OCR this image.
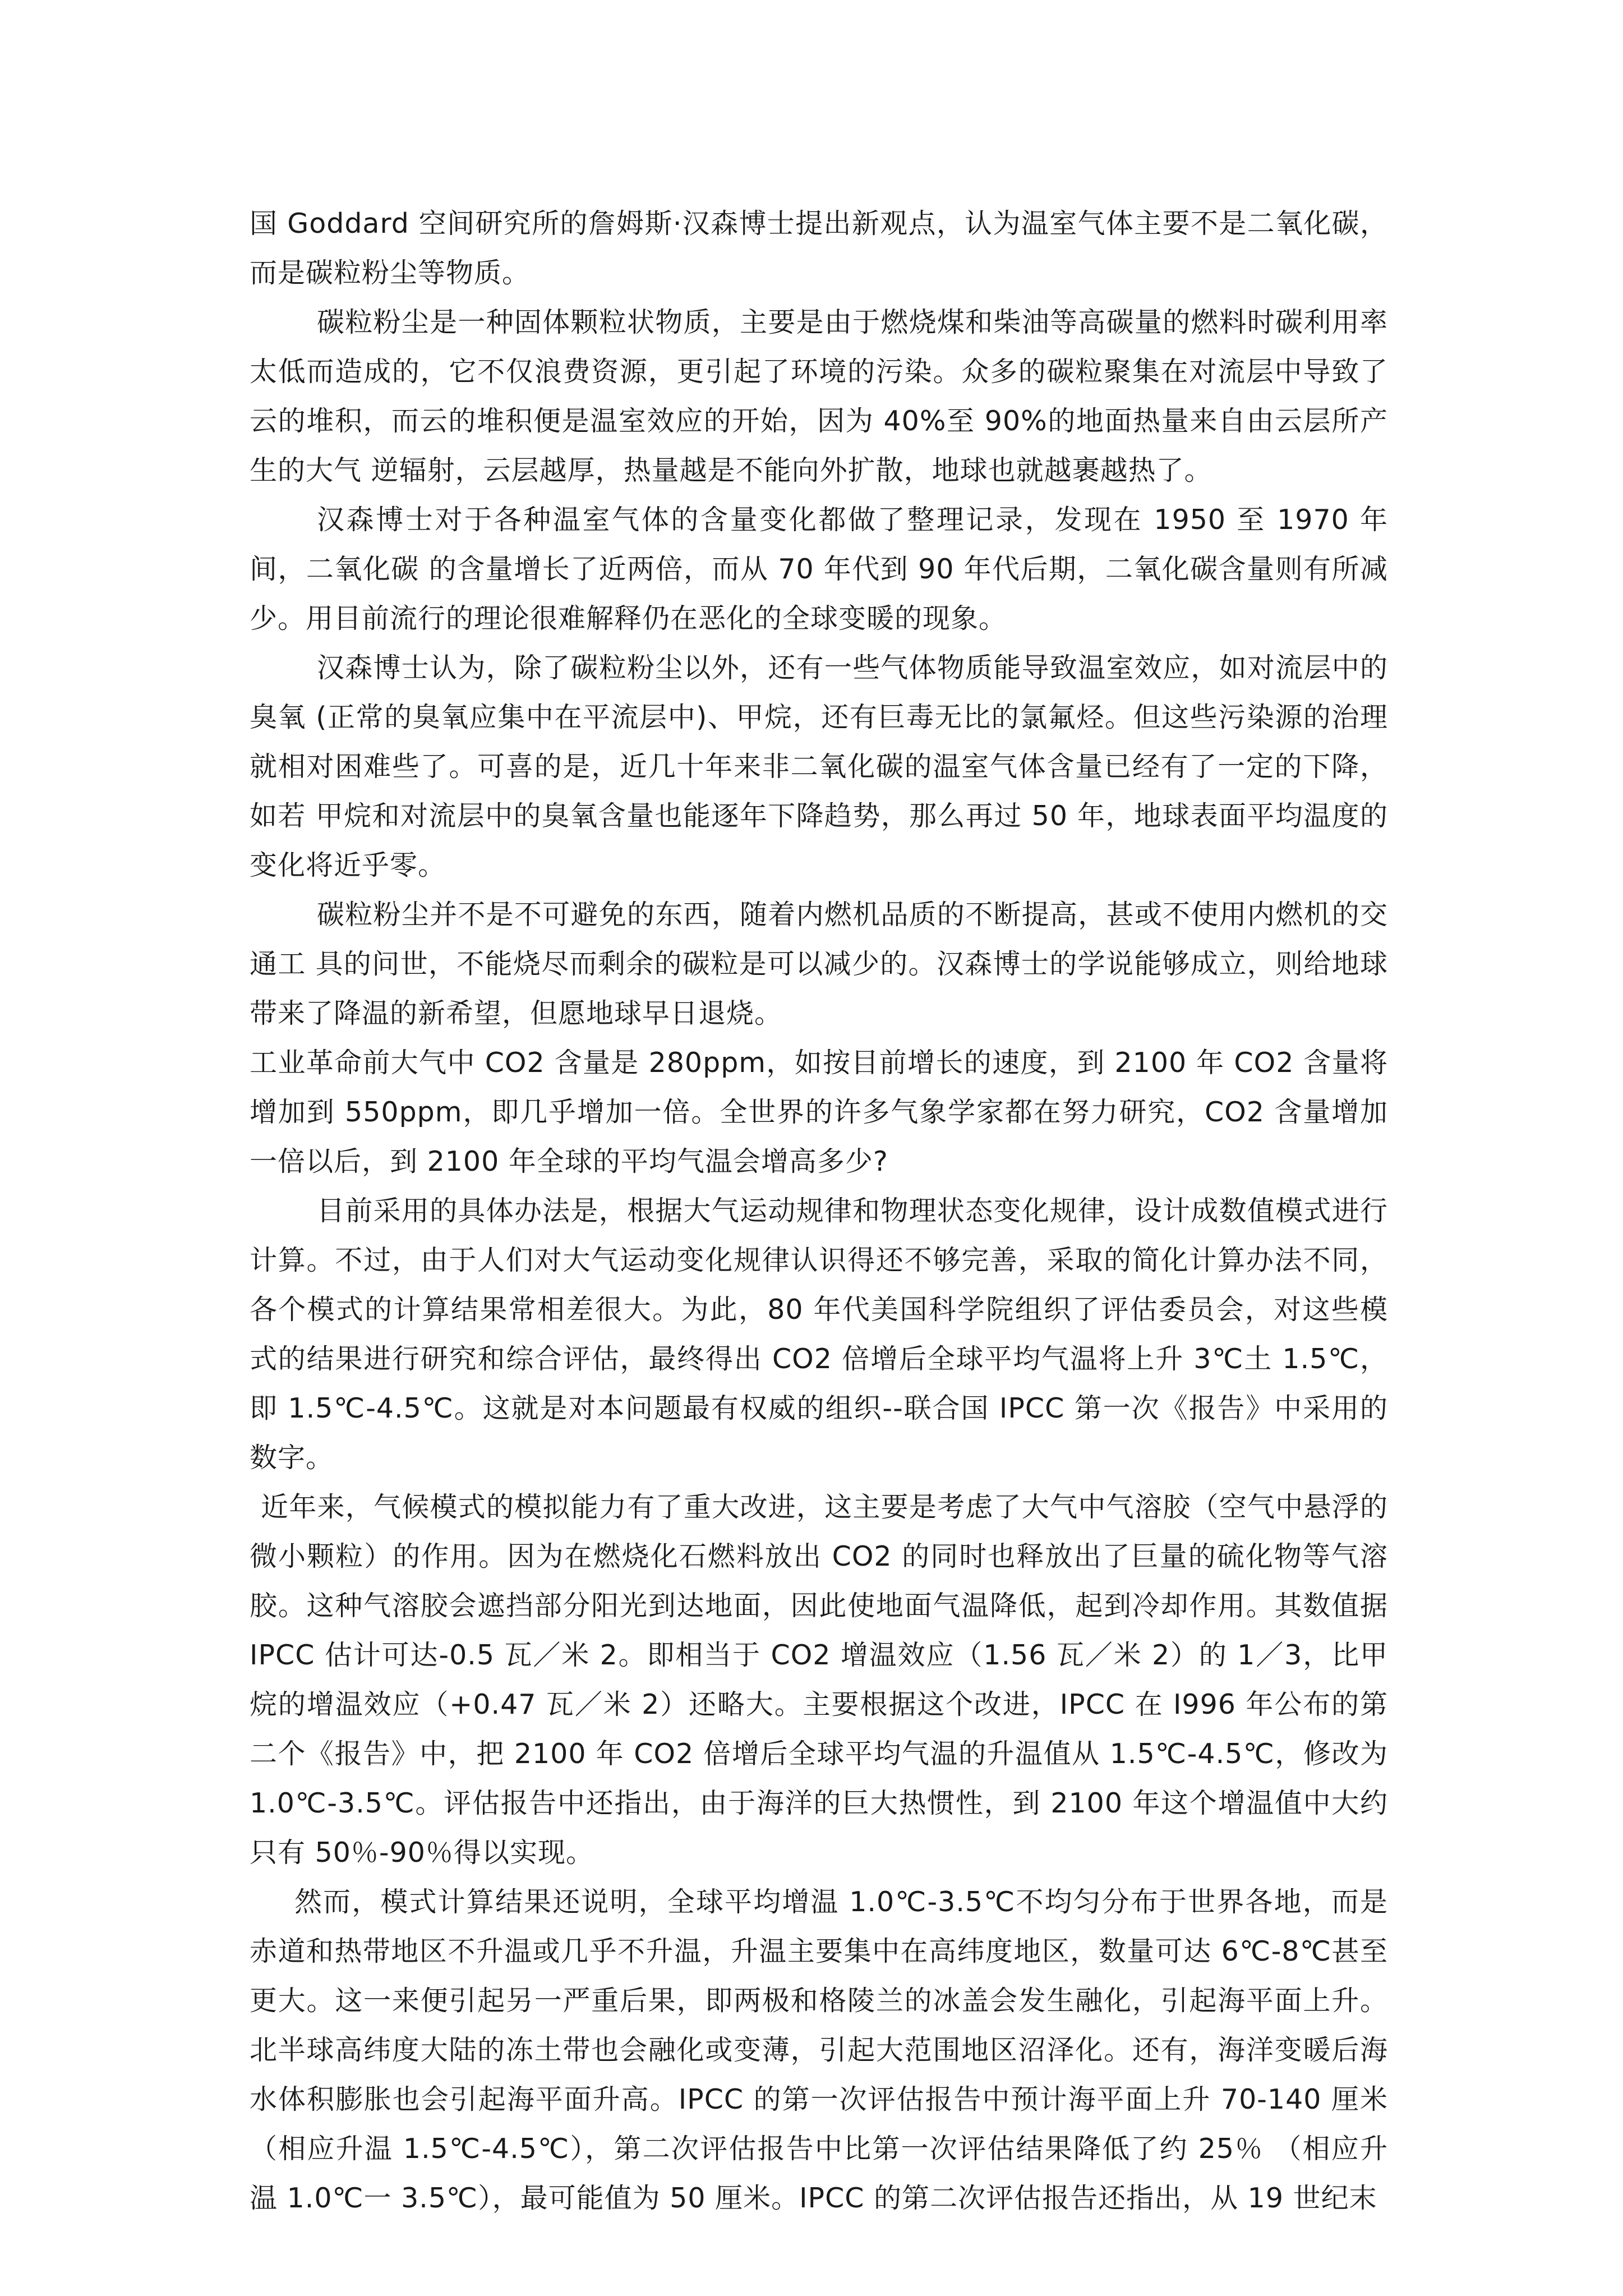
国 Goddard 空间研究所的詹姆斯·汉森博士提出新观点，认为温室气体主要不是二氧化碳，而是碳粒粉尘等物质。

碳粒粉尘是一种固体颗粒状物质，主要是由于燃烧煤和柴油等高碳量的燃料时碳利用率太低而造成的，它不仅浪费资源，更引起了环境的污染。众多的碳粒聚集在对流层中导致了云的堆积，而云的堆积便是温室效应的开始，因为 40%至 90%的地面热量来自由云层所产生的大气 逆辐射，云层越厚，热量越是不能向外扩散，地球也就越裹越热了。

汉森博士对于各种温室气体的含量变化都做了整理记录，发现在 1950 至 1970 年间，二氧化碳 的含量增长了近两倍，而从 70 年代到 90 年代后期，二氧化碳含量则有所减少。用目前流行的理论很难解释仍在恶化的全球变暖的现象。

汉森博士认为，除了碳粒粉尘以外，还有一些气体物质能导致温室效应，如对流层中的臭氧 (正常的臭氧应集中在平流层中)、甲烷，还有巨毒无比的氯氟烃。但这些污染源的治理就相对困难些了。可喜的是，近几十年来非二氧化碳的温室气体含量已经有了一定的下降，如若 甲烷和对流层中的臭氧含量也能逐年下降趋势，那么再过 50 年，地球表面平均温度的变化将近乎零。

碳粒粉尘并不是不可避免的东西，随着内燃机品质的不断提高，甚或不使用内燃机的交通工 具的问世，不能烧尽而剩余的碳粒是可以减少的。汉森博士的学说能够成立，则给地球带来了降温的新希望，但愿地球早日退烧。

工业革命前大气中 CO2 含量是 280ppm，如按目前增长的速度，到 2100 年 CO2 含量将增加到 550ppm，即几乎增加一倍。全世界的许多气象学家都在努力研究，CO2 含量增加一倍以后，到 2100 年全球的平均气温会增高多少?

目前采用的具体办法是，根据大气运动规律和物理状态变化规律，设计成数值模式进行计算。不过，由于人们对大气运动变化规律认识得还不够完善，采取的简化计算办法不同，各个模式的计算结果常相差很大。为此，80 年代美国科学院组织了评估委员会，对这些模式的结果进行研究和综合评估，最终得出 CO2 倍增后全球平均气温将上升 3℃土 1.5℃，即 1.5℃-4.5℃。这就是对本问题最有权威的组织--联合国 IPCC 第一次《报告》中采用的数字。

近年来，气候模式的模拟能力有了重大改进，这主要是考虑了大气中气溶胶（空气中悬浮的微小颗粒）的作用。因为在燃烧化石燃料放出 CO2 的同时也释放出了巨量的硫化物等气溶胶。这种气溶胶会遮挡部分阳光到达地面，因此使地面气温降低，起到冷却作用。其数值据 IPCC 估计可达-0.5 瓦／米 2。即相当于 CO2 增温效应（1.56 瓦／米 2）的 1／3，比甲烷的增温效应（+0.47 瓦／米 2）还略大。主要根据这个改进，IPCC 在 I996 年公布的第二个《报告》中，把 2100 年 CO2 倍增后全球平均气温的升温值从 1.5℃-4.5℃，修改为 1.0℃-3.5℃。评估报告中还指出，由于海洋的巨大热惯性，到 2100 年这个增温值中大约只有 50％-90％得以实现。

然而，模式计算结果还说明，全球平均增温 1.0℃-3.5℃不均匀分布于世界各地，而是赤道和热带地区不升温或几乎不升温，升温主要集中在高纬度地区，数量可达 6℃-8℃甚至更大。这一来便引起另一严重后果，即两极和格陵兰的冰盖会发生融化，引起海平面上升。北半球高纬度大陆的冻土带也会融化或变薄，引起大范围地区沼泽化。还有，海洋变暖后海水体积膨胀也会引起海平面升高。IPCC 的第一次评估报告中预计海平面上升 70-140 厘米（相应升温 1.5℃-4.5℃），第二次评估报告中比第一次评估结果降低了约 25％ （相应升温 1.0℃一 3.5℃），最可能值为 50 厘米。IPCC 的第二次评估报告还指出，从 19 世纪末
